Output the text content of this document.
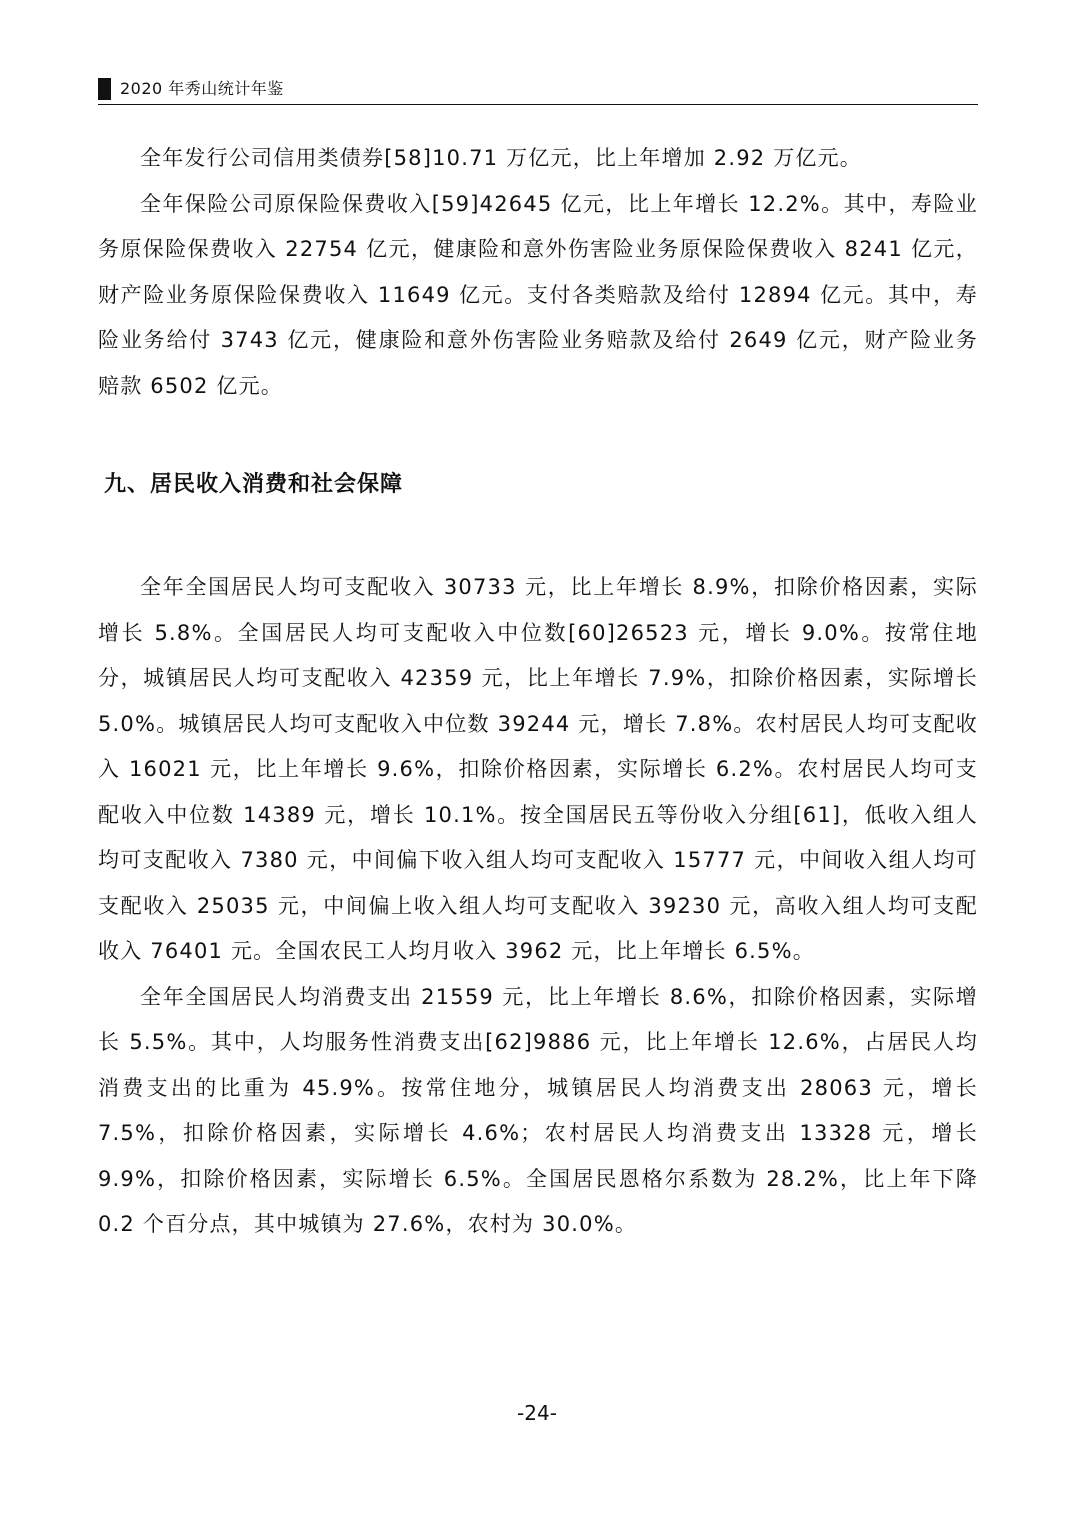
2020 年秀山统计年鉴

全年发行公司信用类债券[58]10.71 万亿元，比上年增加 2.92 万亿元。

全年保险公司原保险保费收入[59]42645 亿元，比上年增长 12.2%。其中，寿险业务原保险保费收入 22754 亿元，健康险和意外伤害险业务原保险保费收入 8241 亿元，财产险业务原保险保费收入 11649 亿元。支付各类赔款及给付 12894 亿元。其中，寿险业务给付 3743 亿元，健康险和意外伤害险业务赔款及给付 2649 亿元，财产险业务赔款 6502 亿元。

九、居民收入消费和社会保障

全年全国居民人均可支配收入 30733 元，比上年增长 8.9%，扣除价格因素，实际增长 5.8%。全国居民人均可支配收入中位数[60]26523 元，增长 9.0%。按常住地分，城镇居民人均可支配收入 42359 元，比上年增长 7.9%，扣除价格因素，实际增长 5.0%。城镇居民人均可支配收入中位数 39244 元，增长 7.8%。农村居民人均可支配收入 16021 元，比上年增长 9.6%，扣除价格因素，实际增长 6.2%。农村居民人均可支配收入中位数 14389 元，增长 10.1%。按全国居民五等份收入分组[61]，低收入组人均可支配收入 7380 元，中间偏下收入组人均可支配收入 15777 元，中间收入组人均可支配收入 25035 元，中间偏上收入组人均可支配收入 39230 元，高收入组人均可支配收入 76401 元。全国农民工人均月收入 3962 元，比上年增长 6.5%。

全年全国居民人均消费支出 21559 元，比上年增长 8.6%，扣除价格因素，实际增长 5.5%。其中，人均服务性消费支出[62]9886 元，比上年增长 12.6%，占居民人均消费支出的比重为 45.9%。按常住地分，城镇居民人均消费支出 28063 元，增长 7.5%，扣除价格因素，实际增长 4.6%；农村居民人均消费支出 13328 元，增长 9.9%，扣除价格因素，实际增长 6.5%。全国居民恩格尔系数为 28.2%，比上年下降 0.2 个百分点，其中城镇为 27.6%，农村为 30.0%。

-24-
